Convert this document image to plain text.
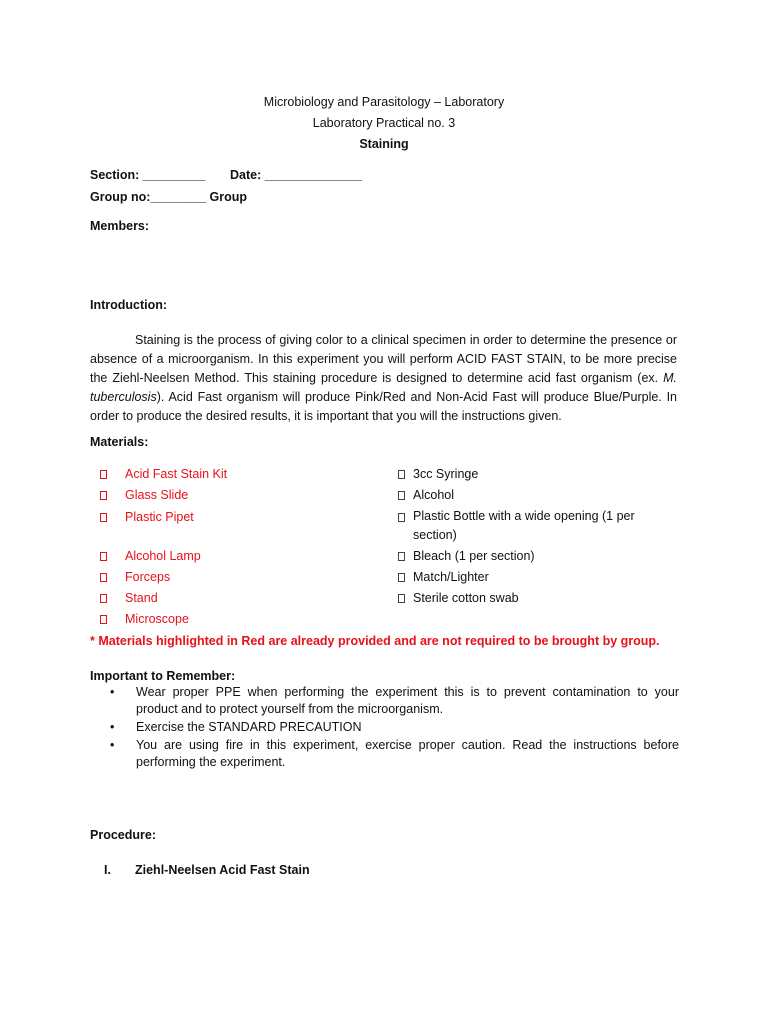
Microbiology and Parasitology – Laboratory
Laboratory Practical no. 3
Staining
Section: _________ Date: ______________
Group no:________ Group
Members:
Introduction:
Staining is the process of giving color to a clinical specimen in order to determine the presence or absence of a microorganism. In this experiment you will perform ACID FAST STAIN, to be more precise the Ziehl-Neelsen Method. This staining procedure is designed to determine acid fast organism (ex. M. tuberculosis). Acid Fast organism will produce Pink/Red and Non-Acid Fast will produce Blue/Purple. In order to produce the desired results, it is important that you will the instructions given.
Materials:
Acid Fast Stain Kit
Glass Slide
Plastic Pipet
Alcohol Lamp
Forceps
Stand
Microscope
3cc Syringe
Alcohol
Plastic Bottle with a wide opening (1 per section)
Bleach (1 per section)
Match/Lighter
Sterile cotton swab
* Materials highlighted in Red are already provided and are not required to be brought by group.
Important to Remember:
• Wear proper PPE when performing the experiment this is to prevent contamination to your product and to protect yourself from the microorganism.
• Exercise the STANDARD PRECAUTION
• You are using fire in this experiment, exercise proper caution. Read the instructions before performing the experiment.
Procedure:
I. Ziehl-Neelsen Acid Fast Stain
